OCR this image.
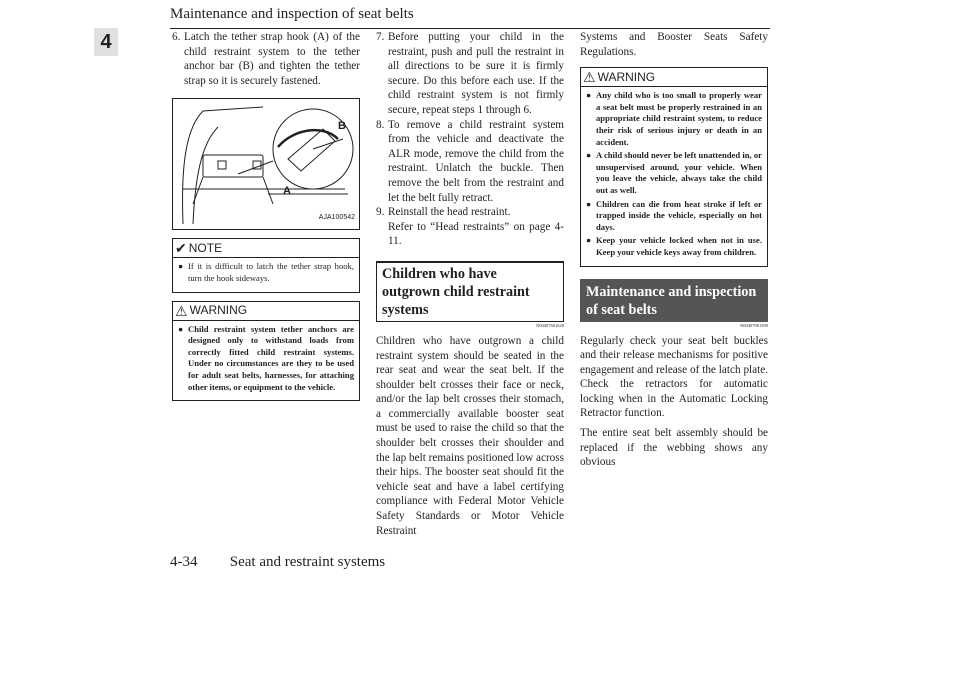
Maintenance and inspection of seat belts
4	6. Latch the tether strap hook (A) of the child restraint system to the tether anchor bar (B) and tighten the tether strap so it is securely fastened.
B
A
AJA100542
✔ NOTE
● If it is difficult to latch the tether strap hook, turn the hook sideways.
⚠ WARNING
● Child restraint system tether anchors are designed only to withstand loads from correctly fitted child restraint systems. Under no circumstances are they to be used for adult seat belts, harnesses, for attaching other items, or equipment to the vehicle.
7. Before putting your child in the restraint, push and pull the restraint in all directions to be sure it is firmly secure. Do this before each use. If the child restraint system is not firmly secure, repeat steps 1 through 6.
8. To remove a child restraint system from the vehicle and deactivate the ALR mode, remove the child from the restraint. Unlatch the buckle. Then remove the belt from the restraint and let the belt fully retract.
9. Reinstall the head restraint.
Refer to “Head restraints” on page 4-11.
Children who have outgrown child restraint systems
N00407601628
Children who have outgrown a child restraint system should be seated in the rear seat and wear the seat belt. If the shoulder belt crosses their face or neck, and/or the lap belt crosses their stomach, a commercially available booster seat must be used to raise the child so that the shoulder belt crosses their shoulder and the lap belt remains positioned low across their hips. The booster seat should fit the vehicle seat and have a label certifying compliance with Federal Motor Vehicle Safety Standards or Motor Vehicle Restraint
Systems and Booster Seats Safety Regulations.
⚠ WARNING
● Any child who is too small to properly wear a seat belt must be properly restrained in an appropriate child restraint system, to reduce their risk of serious injury or death in an accident.
● A child should never be left unattended in, or unsupervised around, your vehicle. When you leave the vehicle, always take the child out as well.
● Children can die from heat stroke if left or trapped inside the vehicle, especially on hot days.
● Keep your vehicle locked when not in use. Keep your vehicle keys away from children.
Maintenance and inspection of seat belts
N00407001390
Regularly check your seat belt buckles and their release mechanisms for positive engagement and release of the latch plate. Check the retractors for automatic locking when in the Automatic Locking Retractor function.
The entire seat belt assembly should be replaced if the webbing shows any obvious
4-34 Seat and restraint systems
